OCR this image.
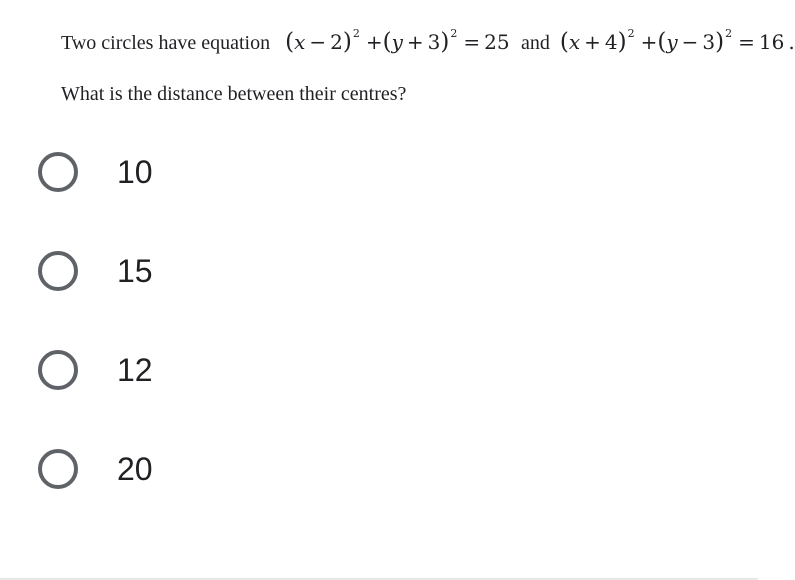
Two circles have equation $(x - 2)^2 +(y + 3)^2 = 25$ and $(x + 4)^2 +(y - 3)^2 = 16$  .
What is the distance between their centres?
10
15
12
20
